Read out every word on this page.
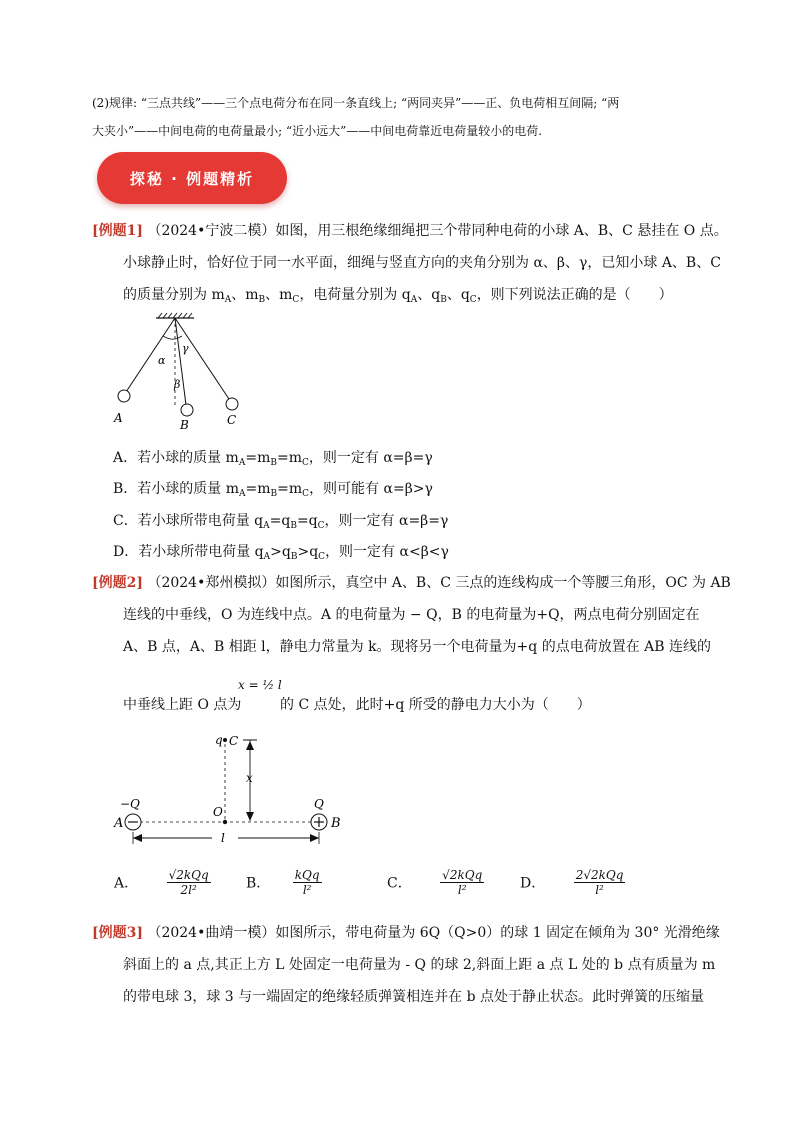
(2)规律: “三点共线”——三个点电荷分布在同一条直线上; “两同夹异”——正、负电荷相互间隔; “两
大夹小”——中间电荷的电荷量最小; “近小远大”——中间电荷靠近电荷量较小的电荷.
探秘 · 例题精析
[例题1] （2024•宁波二模）如图，用三根绝缘细绳把三个带同种电荷的小球 A、B、C 悬挂在 O 点。
小球静止时，恰好位于同一水平面，细绳与竖直方向的夹角分别为 α、β、γ，已知小球 A、B、C
的质量分别为 $m_A$、$m_B$、$m_C$，电荷量分别为 $q_A$、$q_B$、$q_C$，则下列说法正确的是（　　）
α
γ
β
A	B	C
A．若小球的质量 $m_A=m_B=m_C$，则一定有 α=β=γ
B．若小球的质量 $m_A=m_B=m_C$，则可能有 α=β>γ
C．若小球所带电荷量 $q_A=q_B=q_C$，则一定有 α=β=γ
D．若小球所带电荷量 $q_A>q_B>q_C$，则一定有 α<β<γ
[例题2] （2024•郑州模拟）如图所示，真空中 A、B、C 三点的连线构成一个等腰三角形，OC 为 AB
连线的中垂线，O 为连线中点。A 的电荷量为 − Q，B 的电荷量为+Q，两点电荷分别固定在
A、B 点，A、B 相距 l，静电力常量为 k。现将另一个电荷量为+q 的点电荷放置在 AB 连线的
中垂线上距 O 点为
x = ½ l
的 C 点处，此时+q 所受的静电力大小为（　　）
q C
x
−Q	Q
A
O
B
l
A． $\frac{\text{√2kQq}}{\text{2l²}}$	B． $\frac{\text{kQq}}{\text{l²}}$	C． $\frac{\text{√2kQq}}{\text{l²}}$	D． $\frac{\text{2√2kQq}}{\text{l²}}$
[例题3] （2024•曲靖一模）如图所示，带电荷量为 6Q（Q>0）的球 1 固定在倾角为 30° 光滑绝缘
斜面上的 a 点,其正上方 L 处固定一电荷量为 - Q 的球 2,斜面上距 a 点 L 处的 b 点有质量为 m
的带电球 3，球 3 与一端固定的绝缘轻质弹簧相连并在 b 点处于静止状态。此时弹簧的压缩量
